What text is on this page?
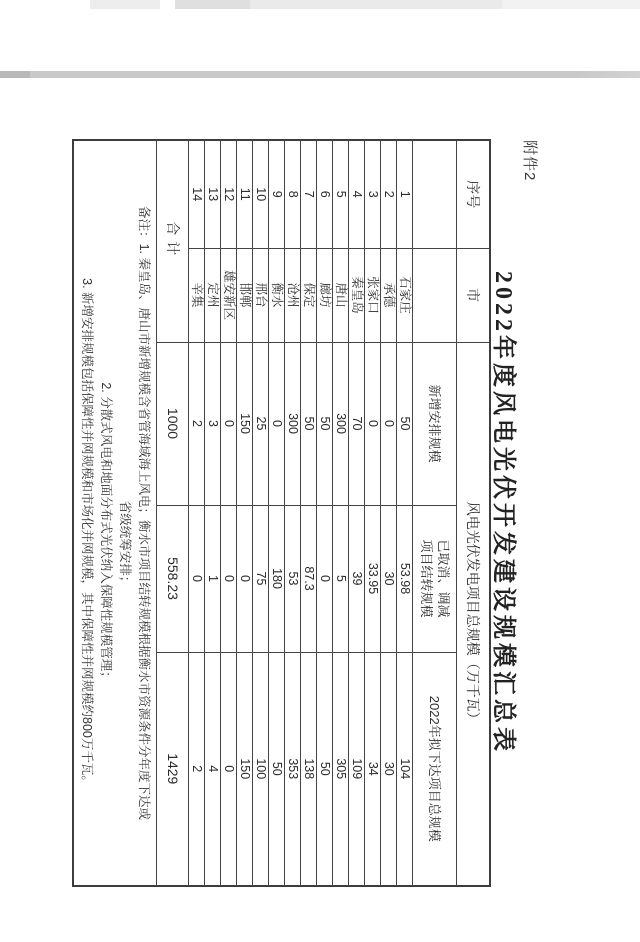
附件2
2022年度风电光伏开发建设规模汇总表
序号	市	风电光伏发电项目总规模（万千瓦）		
		新增安排规模	已取消、调减
项目结转规模	2022年拟下达项目总规模
1	石家庄	50	53.98	104
2	承德	0	30	30
3	张家口	0	33.95	34
4	秦皇岛	70	39	109
5	唐山	300	5	305
6	廊坊	50	0	50
7	保定	50	87.3	138
8	沧州	300	53	353
9	衡水	0	180	50
10	邢台	25	75	100
11	邯郸	150	0	150
12	雄安新区	0	0	0
13	定州	3	1	4
14	辛集	2	0	2
合计		1000	558.23	1429

备注：1. 秦皇岛、唐山市新增规模含省管海域海上风电；衡水市项目结转规模根据衡水市资源条件分年度下达或
省级统筹安排；
2. 分散式风电和地面分布式光伏纳入保障性规模管理；
3. 新增安排规模包括保障性并网规模和市场化并网规模，其中保障性并网规模约800万千瓦。				
